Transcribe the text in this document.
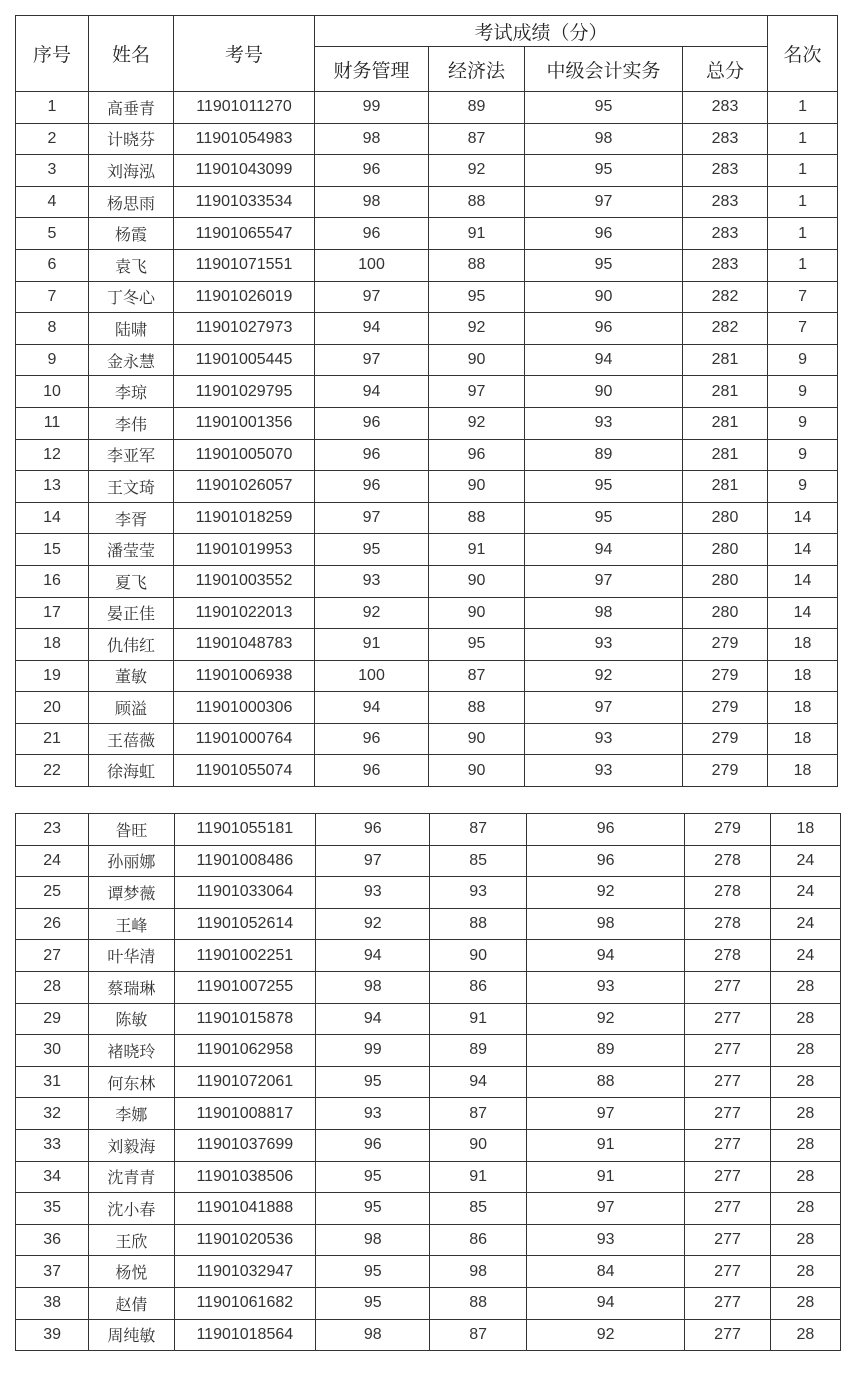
序号	姓名	考号	考试成绩（分）				名次
			财务管理	经济法	中级会计实务	总分	
1	高垂青	11901011270	99	89	95	283	1
2	计晓芬	11901054983	98	87	98	283	1
3	刘海泓	11901043099	96	92	95	283	1
4	杨思雨	11901033534	98	88	97	283	1
5	杨霞	11901065547	96	91	96	283	1
6	袁飞	11901071551	100	88	95	283	1
7	丁冬心	11901026019	97	95	90	282	7
8	陆啸	11901027973	94	92	96	282	7
9	金永慧	11901005445	97	90	94	281	9
10	李琼	11901029795	94	97	90	281	9
11	李伟	11901001356	96	92	93	281	9
12	李亚军	11901005070	96	96	89	281	9
13	王文琦	11901026057	96	90	95	281	9
14	李胥	11901018259	97	88	95	280	14
15	潘莹莹	11901019953	95	91	94	280	14
16	夏飞	11901003552	93	90	97	280	14
17	晏正佳	11901022013	92	90	98	280	14
18	仇伟红	11901048783	91	95	93	279	18
19	董敏	11901006938	100	87	92	279	18
20	顾溢	11901000306	94	88	97	279	18
21	王蓓薇	11901000764	96	90	93	279	18
22	徐海虹	11901055074	96	90	93	279	18
23	昝旺	11901055181	96	87	96	279	18
24	孙丽娜	11901008486	97	85	96	278	24
25	谭梦薇	11901033064	93	93	92	278	24
26	王峰	11901052614	92	88	98	278	24
27	叶华清	11901002251	94	90	94	278	24
28	蔡瑞琳	11901007255	98	86	93	277	28
29	陈敏	11901015878	94	91	92	277	28
30	褚晓玲	11901062958	99	89	89	277	28
31	何东林	11901072061	95	94	88	277	28
32	李娜	11901008817	93	87	97	277	28
33	刘毅海	11901037699	96	90	91	277	28
34	沈青青	11901038506	95	91	91	277	28
35	沈小春	11901041888	95	85	97	277	28
36	王欣	11901020536	98	86	93	277	28
37	杨悦	11901032947	95	98	84	277	28
38	赵倩	11901061682	95	88	94	277	28
39	周纯敏	11901018564	98	87	92	277	28
